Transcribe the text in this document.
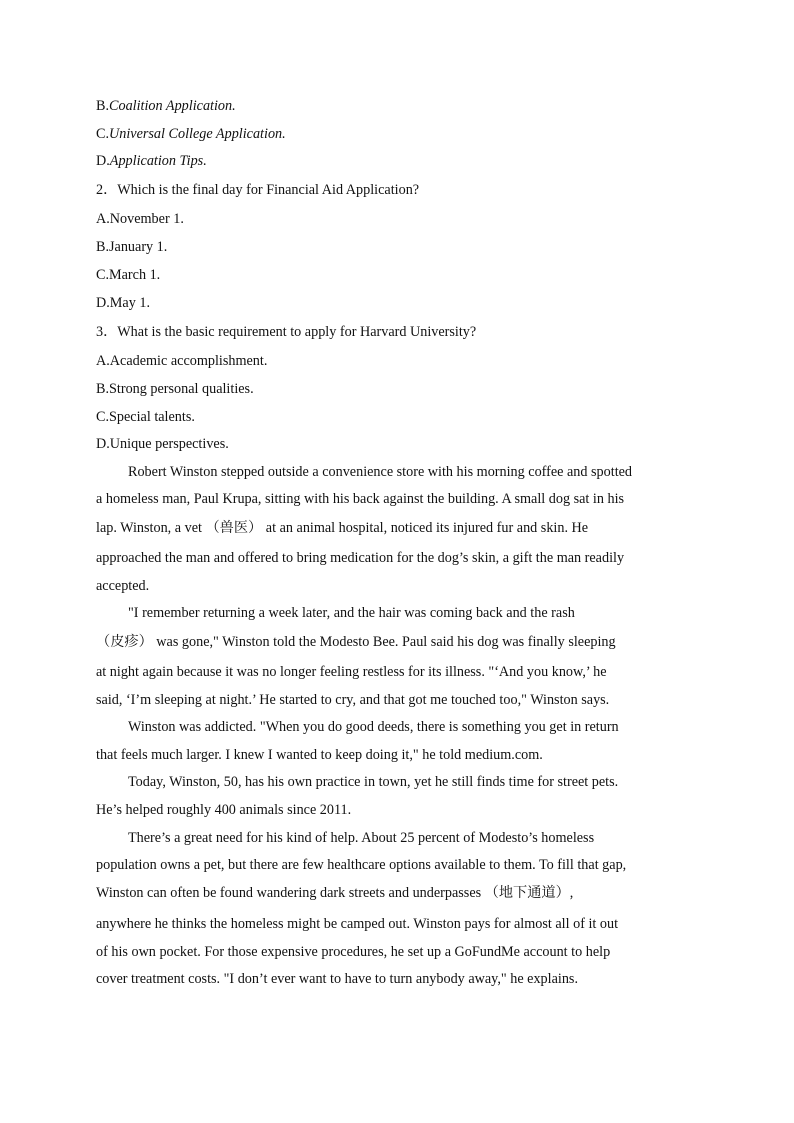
B.Coalition Application.
C.Universal College Application.
D.Application Tips.
2．Which is the final day for Financial Aid Application?
A.November 1.
B.January 1.
C.March 1.
D.May 1.
3．What is the basic requirement to apply for Harvard University?
A.Academic accomplishment.
B.Strong personal qualities.
C.Special talents.
D.Unique perspectives.
Robert Winston stepped outside a convenience store with his morning coffee and spotted
a homeless man, Paul Krupa, sitting with his back against the building. A small dog sat in his
lap. Winston, a vet （兽医） at an animal hospital, noticed its injured fur and skin. He
approached the man and offered to bring medication for the dog’s skin, a gift the man readily
accepted.
"I remember returning a week later, and the hair was coming back and the rash
（皮疹） was gone," Winston told the Modesto Bee. Paul said his dog was finally sleeping
at night again because it was no longer feeling restless for its illness. "‘And you know,’ he
said, ‘I’m sleeping at night.’ He started to cry, and that got me touched too," Winston says.
Winston was addicted. "When you do good deeds, there is something you get in return
that feels much larger. I knew I wanted to keep doing it," he told medium.com.
Today, Winston, 50, has his own practice in town, yet he still finds time for street pets.
He’s helped roughly 400 animals since 2011.
There’s a great need for his kind of help. About 25 percent of Modesto’s homeless
population owns a pet, but there are few healthcare options available to them. To fill that gap,
Winston can often be found wandering dark streets and underpasses （地下通道）,
anywhere he thinks the homeless might be camped out. Winston pays for almost all of it out
of his own pocket. For those expensive procedures, he set up a GoFundMe account to help
cover treatment costs. "I don’t ever want to have to turn anybody away," he explains.
